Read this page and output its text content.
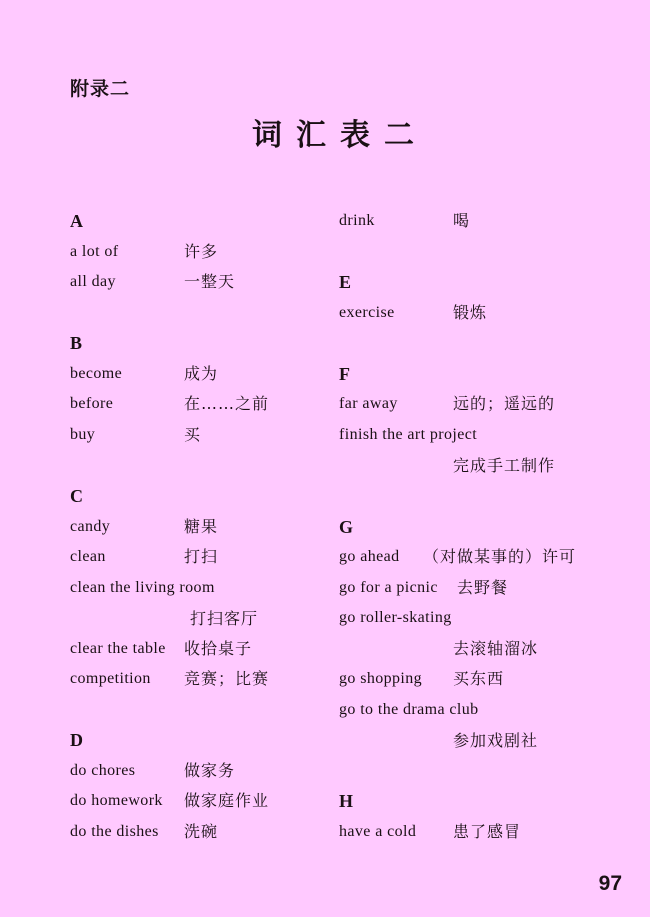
附录二
词汇表二
A
a lot of	许多
all day	一整天
B
become	成为
before	在……之前
buy	买
C
candy	糖果
clean	打扫
clean the living room
打扫客厅
clear the table 收拾桌子
competition 竞赛；比赛
D
do chores	做家务
do homework 做家庭作业
do the dishes 洗碗
drink	喝
E
exercise	锻炼
F
far away	远的；遥远的
finish the art project
完成手工制作
G
go ahead （对做某事的）许可
go for a picnic 去野餐
go roller-skating
去滚轴溜冰
go shopping 买东西
go to the drama club
参加戏剧社
H
have a cold 患了感冒
97
